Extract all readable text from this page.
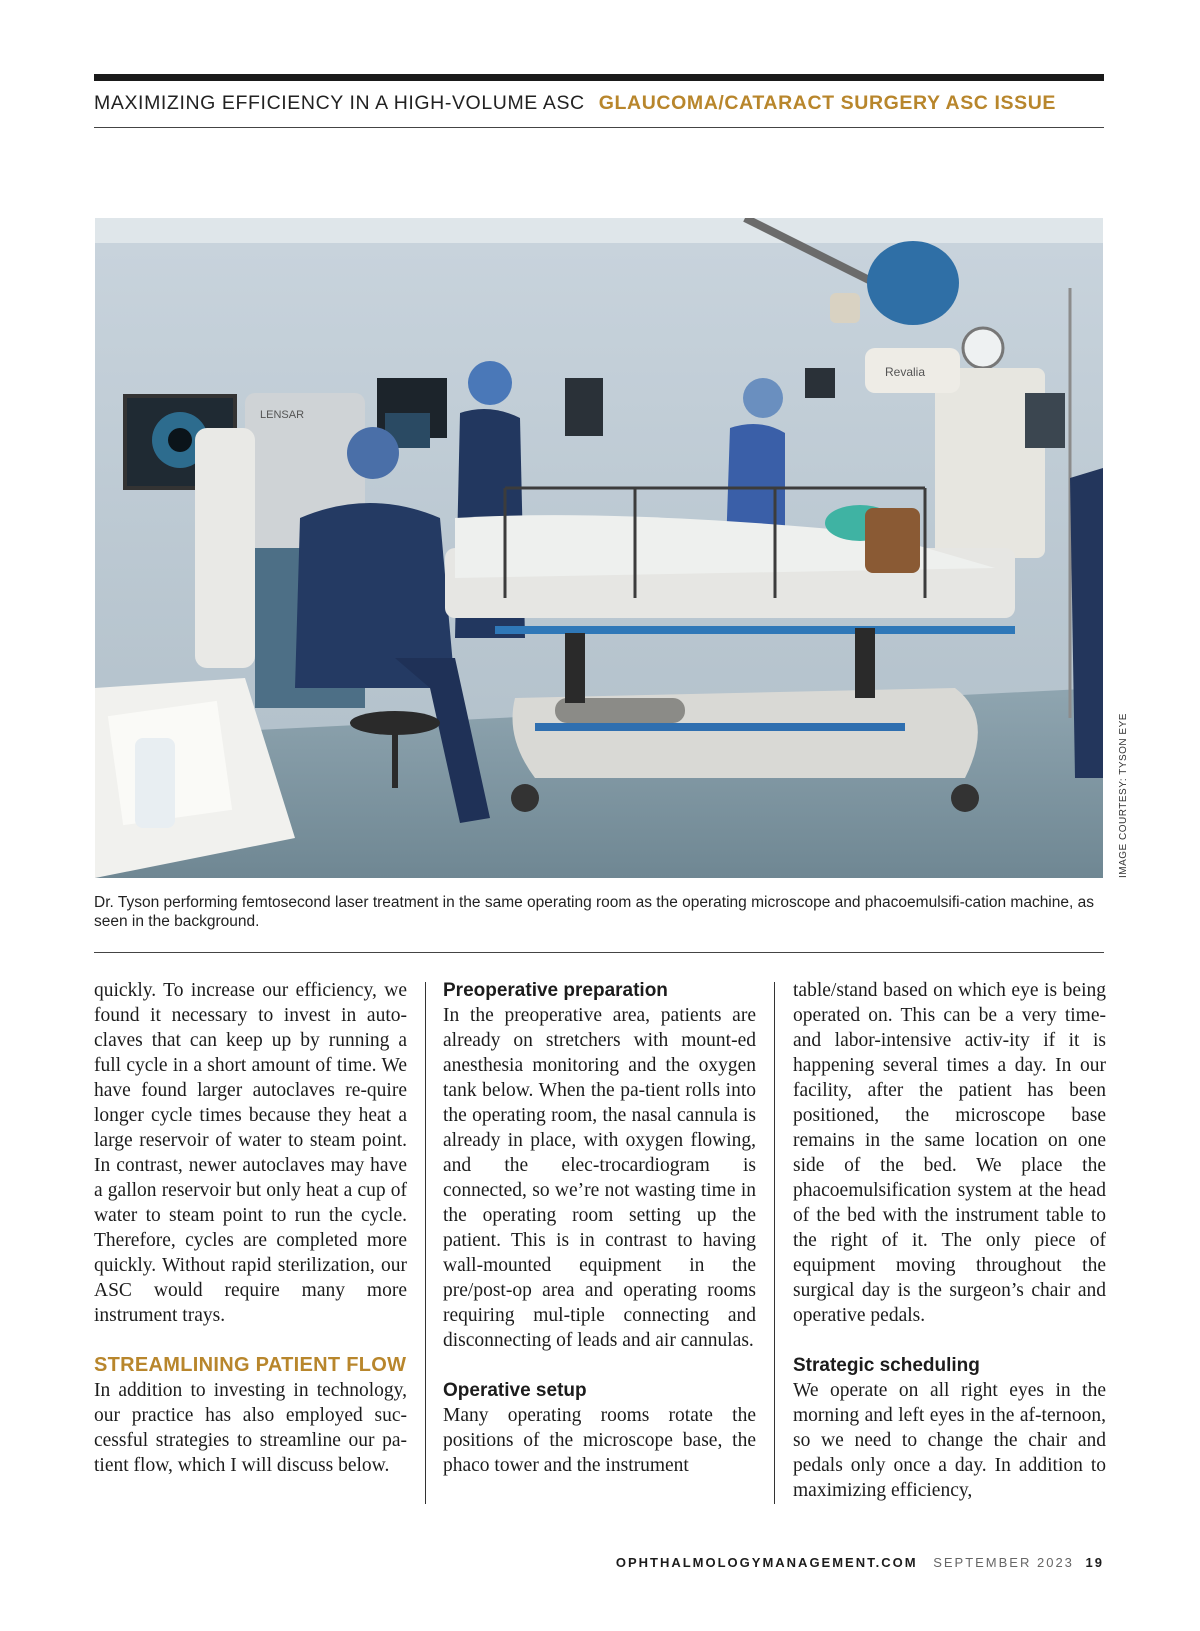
MAXIMIZING EFFICIENCY IN A HIGH-VOLUME ASC GLAUCOMA/CATARACT SURGERY ASC ISSUE
Revalia
LENSAR
IMAGE COURTESY: TYSON EYE
Dr. Tyson performing femtosecond laser treatment in the same operating room as the operating microscope and phacoemulsifi-cation machine, as seen in the background.

quickly. To increase our efficiency, we found it necessary to invest in auto-claves that can keep up by running a full cycle in a short amount of time. We have found larger autoclaves re-quire longer cycle times because they heat a large reservoir of water to steam point. In contrast, newer autoclaves may have a gallon reservoir but only heat a cup of water to steam point to run the cycle. Therefore, cycles are completed more quickly. Without rapid sterilization, our ASC would require many more instrument trays.

STREAMLINING PATIENT FLOW

In addition to investing in technology, our practice has also employed suc-cessful strategies to streamline our pa-tient flow, which I will discuss below.

Preoperative preparation

In the preoperative area, patients are already on stretchers with mount-ed anesthesia monitoring and the oxygen tank below. When the pa-tient rolls into the operating room, the nasal cannula is already in place, with oxygen flowing, and the elec-trocardiogram is connected, so we’re not wasting time in the operating room setting up the patient. This is in contrast to having wall-mounted equipment in the pre/post-op area and operating rooms requiring mul-tiple connecting and disconnecting of leads and air cannulas.

Operative setup

Many operating rooms rotate the positions of the microscope base, the phaco tower and the instrument

table/stand based on which eye is being operated on. This can be a very time- and labor-intensive activ-ity if it is happening several times a day. In our facility, after the patient has been positioned, the microscope base remains in the same location on one side of the bed. We place the phacoemulsification system at the head of the bed with the instrument table to the right of it. The only piece of equipment moving throughout the surgical day is the surgeon’s chair and operative pedals.

Strategic scheduling

We operate on all right eyes in the morning and left eyes in the af-ternoon, so we need to change the chair and pedals only once a day. In addition to maximizing efficiency,

OPHTHALMOLOGYMANAGEMENT.COM SEPTEMBER 2023 19
